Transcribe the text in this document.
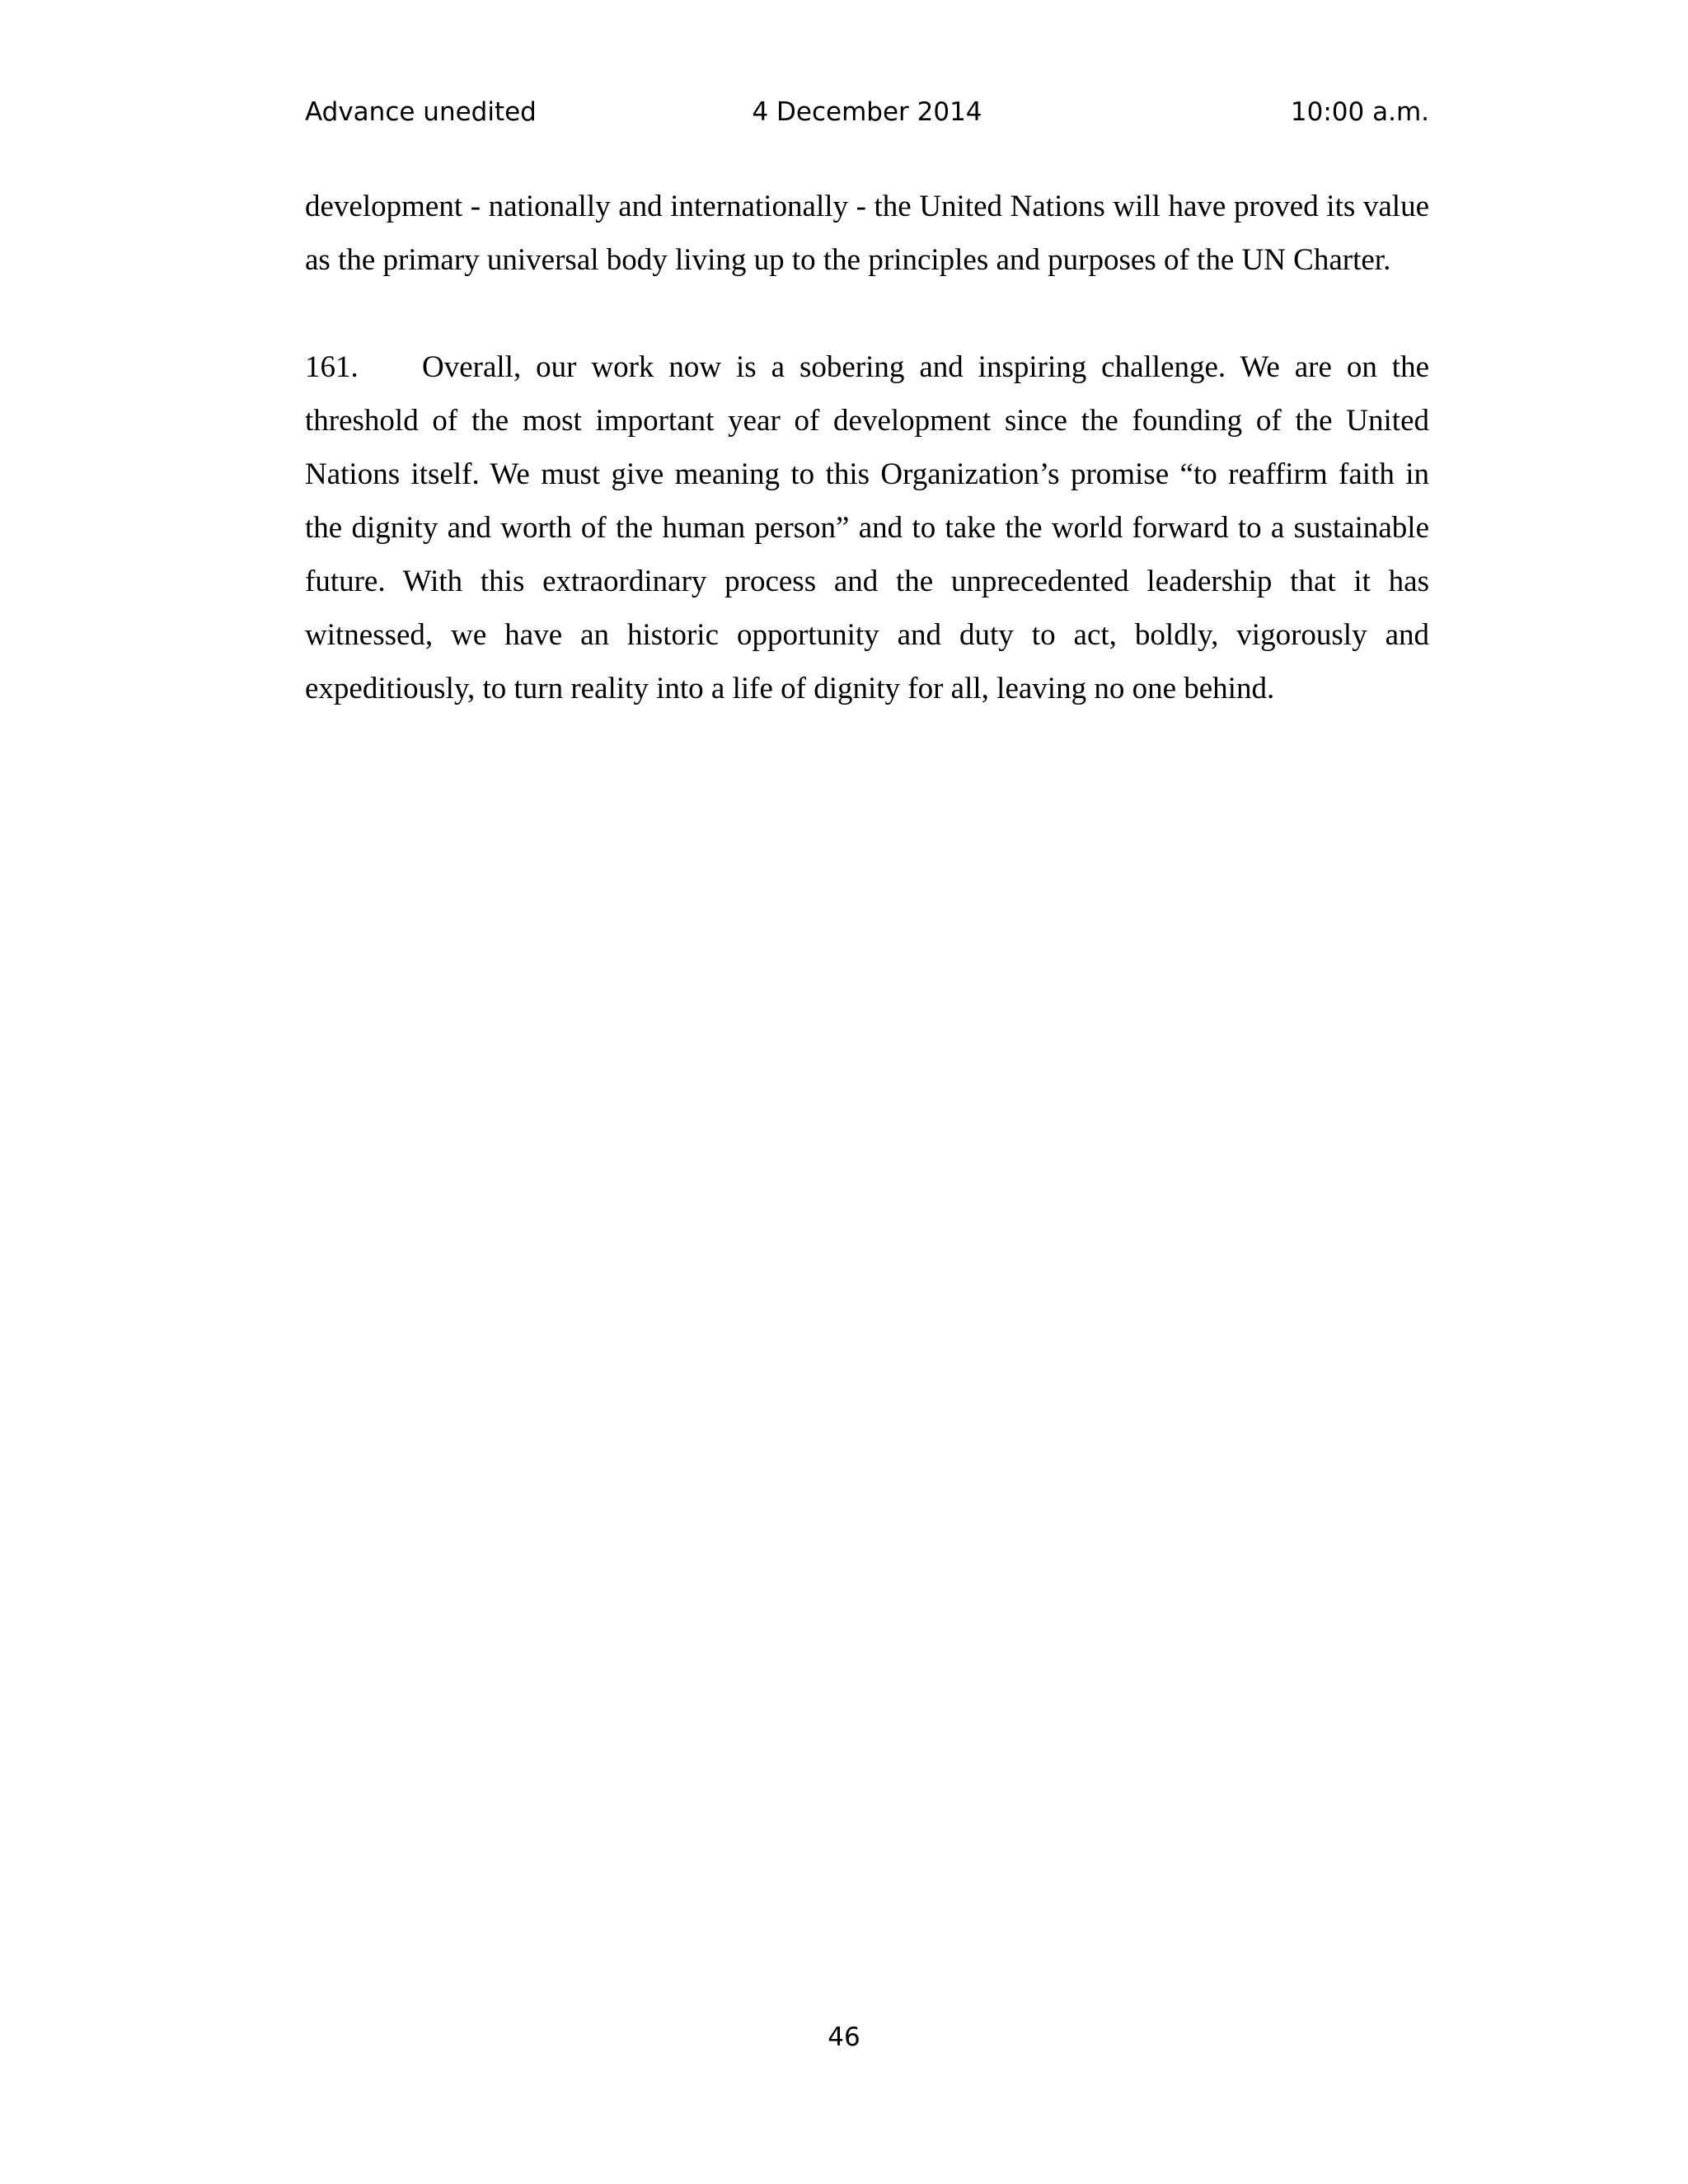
Advance unedited	4 December 2014	10:00 a.m.

development - nationally and internationally - the United Nations will have proved its value as the primary universal body living up to the principles and purposes of the UN Charter.

161. Overall, our work now is a sobering and inspiring challenge. We are on the threshold of the most important year of development since the founding of the United Nations itself. We must give meaning to this Organization’s promise “to reaffirm faith in the dignity and worth of the human person” and to take the world forward to a sustainable future. With this extraordinary process and the unprecedented leadership that it has witnessed, we have an historic opportunity and duty to act, boldly, vigorously and expeditiously, to turn reality into a life of dignity for all, leaving no one behind.

46
